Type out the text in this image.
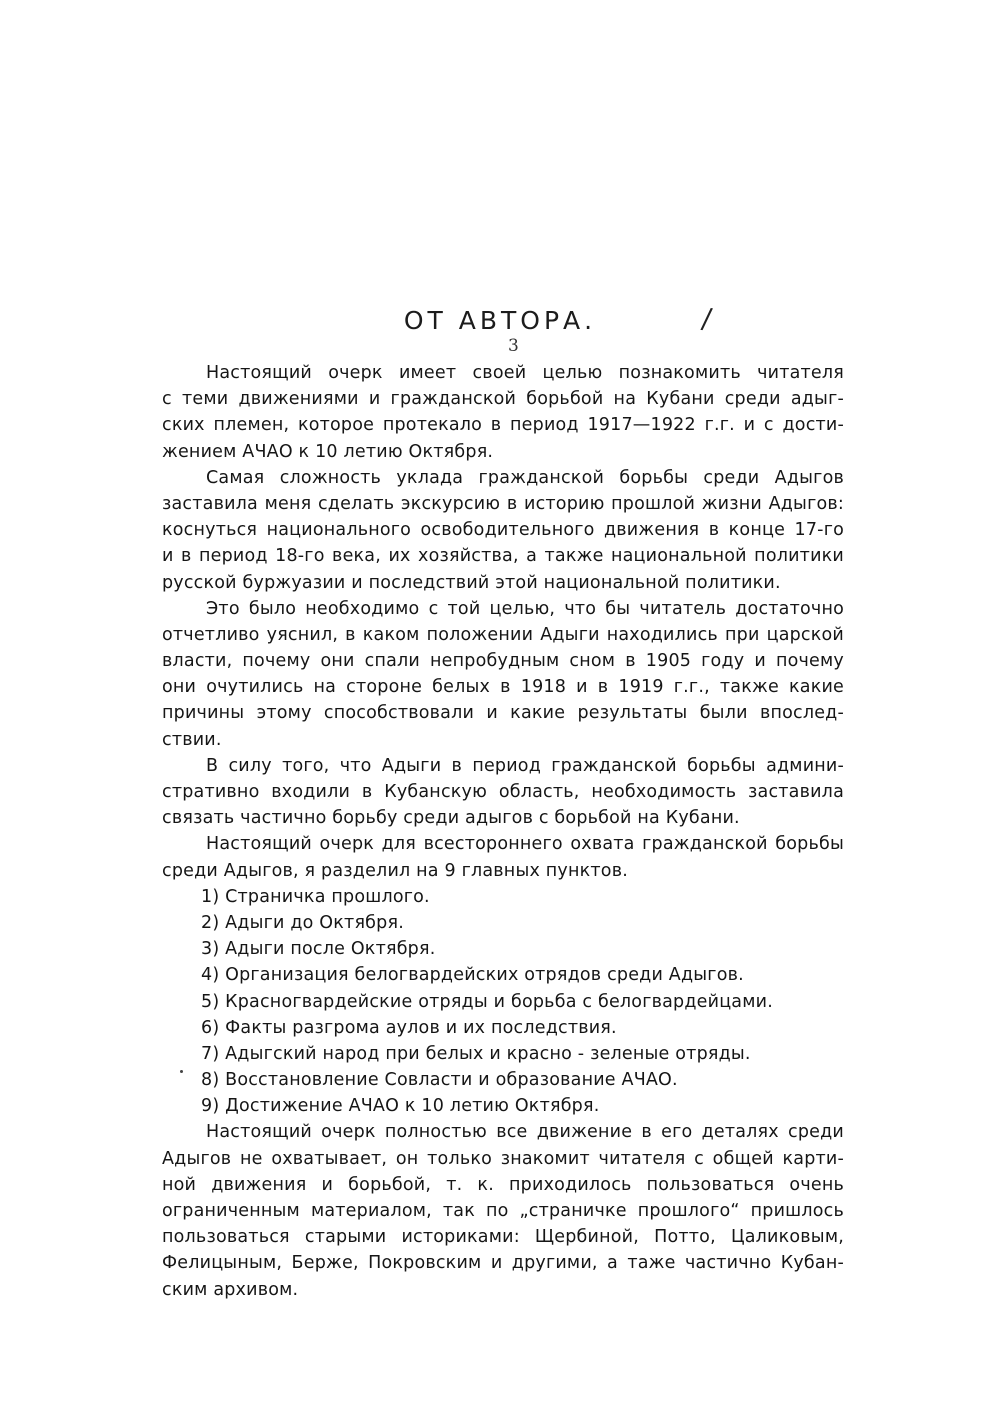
ОТ АВТОРА.	/
3
Настоящий очерк имеет своей целью познакомить читателя
с теми движениями и гражданской борьбой на Кубани среди адыг-
ских племен, которое протекало в период 1917—1922 г.г. и с дости-
жением АЧАО к 10 летию Октября.
Самая сложность уклада гражданской борьбы среди Адыгов
заставила меня сделать экскурсию в историю прошлой жизни Адыгов:
коснуться национального освободительного движения в конце 17-го
и в период 18-го века, их хозяйства, а также национальной политики
русской буржуазии и последствий этой национальной политики.
Это было необходимо с той целью, что бы читатель достаточно
отчетливо уяснил, в каком положении Адыги находились при царской
власти, почему они спали непробудным сном в 1905 году и почему
они очутились на стороне белых в 1918 и в 1919 г.г., также какие
причины этому способствовали и какие результаты были впослед-
ствии.
В силу того, что Адыги в период гражданской борьбы админи-
стративно входили в Кубанскую область, необходимость заставила
связать частично борьбу среди адыгов с борьбой на Кубани.
Настоящий очерк для всестороннего охвата гражданской борьбы
среди Адыгов, я разделил на 9 главных пунктов.
1) Страничка прошлого.
2) Адыги до Октября.
3) Адыги после Октября.
4) Организация белогвардейских отрядов среди Адыгов.
5) Красногвардейские отряды и борьба с белогвардейцами.
6) Факты разгрома аулов и их последствия.
7) Адыгский народ при белых и красно - зеленые отряды.
8) Восстановление Совласти и образование АЧАО.
9) Достижение АЧАО к 10 летию Октября.
Настоящий очерк полностью все движение в его деталях среди
Адыгов не охватывает, он только знакомит читателя с общей карти-
ной движения и борьбой, т. к. приходилось пользоваться очень
ограниченным материалом, так по „страничке прошлого“ пришлось
пользоваться старыми историками: Щербиной, Потто, Цаликовым,
Фелицыным, Берже, Покровским и другими, а таже частично Кубан-
ским архивом.
